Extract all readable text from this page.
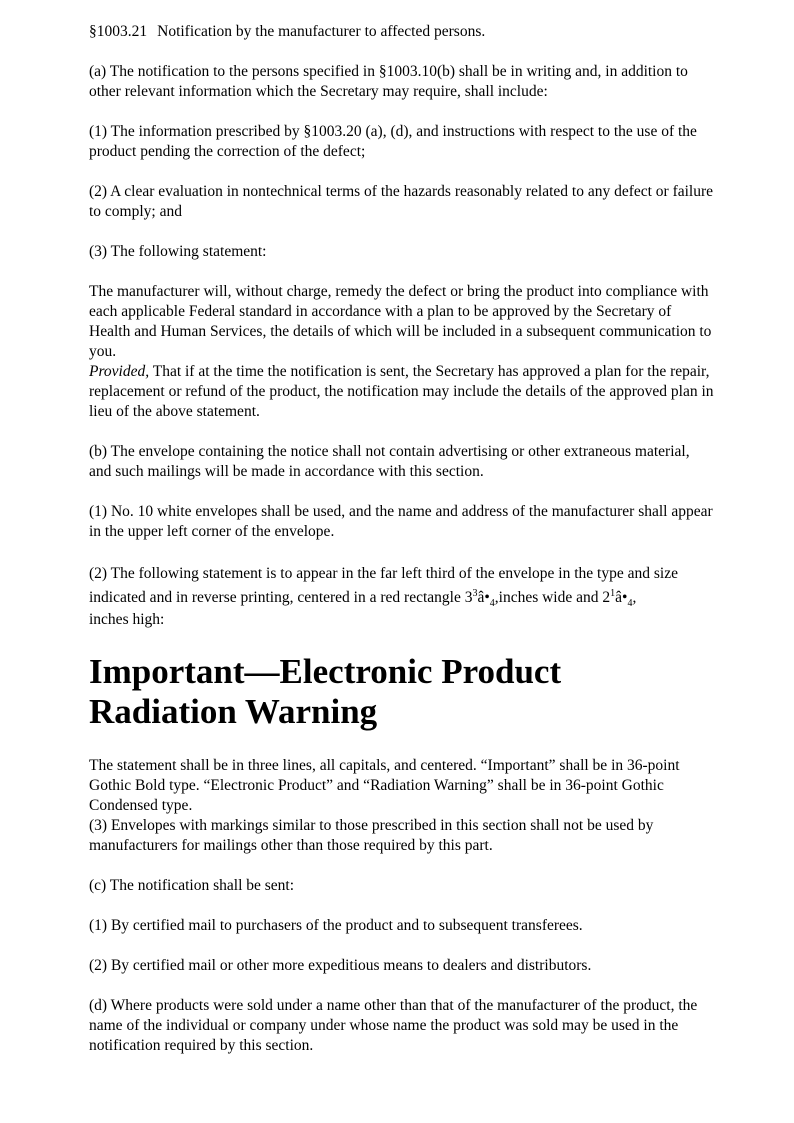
§1003.21 Notification by the manufacturer to affected persons.

(a) The notification to the persons specified in §1003.10(b) shall be in writing and, in addition to other relevant information which the Secretary may require, shall include:

(1) The information prescribed by §1003.20 (a), (d), and instructions with respect to the use of the product pending the correction of the defect;

(2) A clear evaluation in nontechnical terms of the hazards reasonably related to any defect or failure to comply; and

(3) The following statement:

The manufacturer will, without charge, remedy the defect or bring the product into compliance with each applicable Federal standard in accordance with a plan to be approved by the Secretary of Health and Human Services, the details of which will be included in a subsequent communication to you.

Provided, That if at the time the notification is sent, the Secretary has approved a plan for the repair, replacement or refund of the product, the notification may include the details of the approved plan in lieu of the above statement.

(b) The envelope containing the notice shall not contain advertising or other extraneous material, and such mailings will be made in accordance with this section.

(1) No. 10 white envelopes shall be used, and the name and address of the manufacturer shall appear in the upper left corner of the envelope.

(2) The following statement is to appear in the far left third of the envelope in the type and size indicated and in reverse printing, centered in a red rectangle $3^3â•_4,inches$ wide and $2^1â•_4$,
inches high:

Important—Electronic Product Radiation Warning

The statement shall be in three lines, all capitals, and centered. “Important” shall be in 36-point Gothic Bold type. “Electronic Product” and “Radiation Warning” shall be in 36-point Gothic Condensed type.

(3) Envelopes with markings similar to those prescribed in this section shall not be used by manufacturers for mailings other than those required by this part.

(c) The notification shall be sent:

(1) By certified mail to purchasers of the product and to subsequent transferees.

(2) By certified mail or other more expeditious means to dealers and distributors.

(d) Where products were sold under a name other than that of the manufacturer of the product, the name of the individual or company under whose name the product was sold may be used in the notification required by this section.
